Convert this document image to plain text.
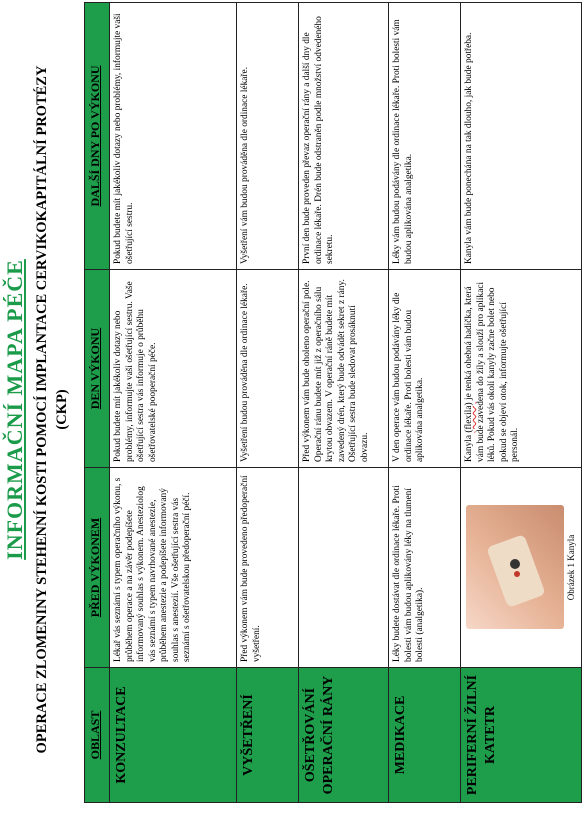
INFORMAČNÍ MAPA PÉČE OPERACE ZLOMENINY STEHENNÍ KOSTI POMOCÍ IMPLANTACE CERVIKOKAPITÁLNÍ PROTÉZY (CKP)
OBLAST	PŘED VÝKONEM	DEN VÝKONU	DALŠÍ DNY PO VÝKONU
KONZULTACE	Lékař vás seznámí s typem operačního výkonu, s průběhem operace a na závěr podepíšete informovaný souhlas s výkonem. Anesteziolog vás seznámí s typem navrhované anestezie, průběhem anestezie a podepíšete informovaný souhlas s anestezií. Vše ošetřující sestra vás seznámí s ošetřovatelskou předoperační péčí.	Pokud budete mít jakékoliv dotazy nebo problémy, informujte vaši ošetřující sestru. Vaše ošetřující sestra vás informuje o průběhu ošetřovatelské pooperační péče.	Pokud budete mít jakékoliv dotazy nebo problémy, informujte vaši ošetřující sestru.
VYŠETŘENÍ	Před výkonem vám bude provedeno předoperační vyšetření.	Vyšetření budou prováděna dle ordinace lékaře.	Vyšetření vám budou prováděna dle ordinace lékaře.
OŠETŘOVÁNÍ OPERAČNÍ RÁNY		Před výkonem vám bude oholeno operační pole. Operační ránu budete mít již z operačního sálu krytou obvazem. V operační ráně budete mít zavedený drén, který bude odvádět sekret z rány. Ošetřující sestra bude sledovat prosáknutí obvazu.	První den bude proveden převaz operační rány a další dny dle ordinace lékaře. Drén bude odstraněn podle množství odvedeného sekretu.
MEDIKACE	Léky budete dostávat dle ordinace lékaře. Proti bolesti vám budou aplikovány léky na tlumení bolesti (analgetika).	V den operace vám budou podávány léky dle ordinace lékaře. Proti bolesti vám budou aplikována analgetika.	Léky vám budou podávány dle ordinace lékaře. Proti bolesti vám budou aplikována analgetika.
PERIFERNÍ ŽILNÍ KATETR	Obrázek 1 Kanyla	Kanyla (flexila) je tenká ohebná hadička, která vám bude zavedena do žíly a slouží pro aplikaci léků. Pokud vás okolí kanyly začne bolet nebo pokud se objeví otok, informujte ošetřující personál.	Kanyla vám bude ponechána na tak dlouho, jak bude potřeba.
